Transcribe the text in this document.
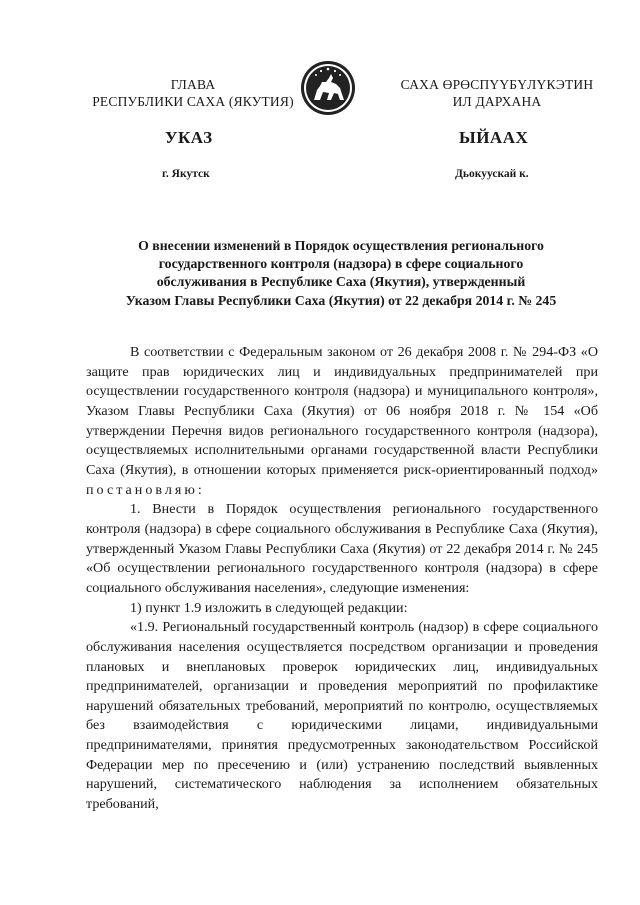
ГЛАВА
РЕСПУБЛИКИ САХА (ЯКУТИЯ)
САХА ӨРӨСПҮҮБҮЛҮКЭТИН
ИЛ ДАРХАНА
УКАЗ	ЫЙААХ
г. Якутск	Дьокуускай к.
О внесении изменений в Порядок осуществления регионального
государственного контроля (надзора) в сфере социального
обслуживания в Республике Саха (Якутия), утвержденный
Указом Главы Республики Саха (Якутия) от 22 декабря 2014 г. № 245

В соответствии с Федеральным законом от 26 декабря 2008 г. № 294-ФЗ «О защите прав юридических лиц и индивидуальных предпринимателей при осуществлении государственного контроля (надзора) и муниципального контроля», Указом Главы Республики Саха (Якутия) от 06 ноября 2018 г. № 154 «Об утверждении Перечня видов регионального государственного контроля (надзора), осуществляемых исполнительными органами государственной власти Республики Саха (Якутия), в отношении которых применяется риск-ориентированный подход» постановляю:

1. Внести в Порядок осуществления регионального государственного контроля (надзора) в сфере социального обслуживания в Республике Саха (Якутия), утвержденный Указом Главы Республики Саха (Якутия) от 22 декабря 2014 г. № 245 «Об осуществлении регионального государственного контроля (надзора) в сфере социального обслуживания населения», следующие изменения:

1) пункт 1.9 изложить в следующей редакции:

«1.9. Региональный государственный контроль (надзор) в сфере социального обслуживания населения осуществляется посредством организации и проведения плановых и внеплановых проверок юридических лиц, индивидуальных предпринимателей, организации и проведения мероприятий по профилактике нарушений обязательных требований, мероприятий по контролю, осуществляемых без взаимодействия с юридическими лицами, индивидуальными предпринимателями, принятия предусмотренных законодательством Российской Федерации мер по пресечению и (или) устранению последствий выявленных нарушений, систематического наблюдения за исполнением обязательных требований,
